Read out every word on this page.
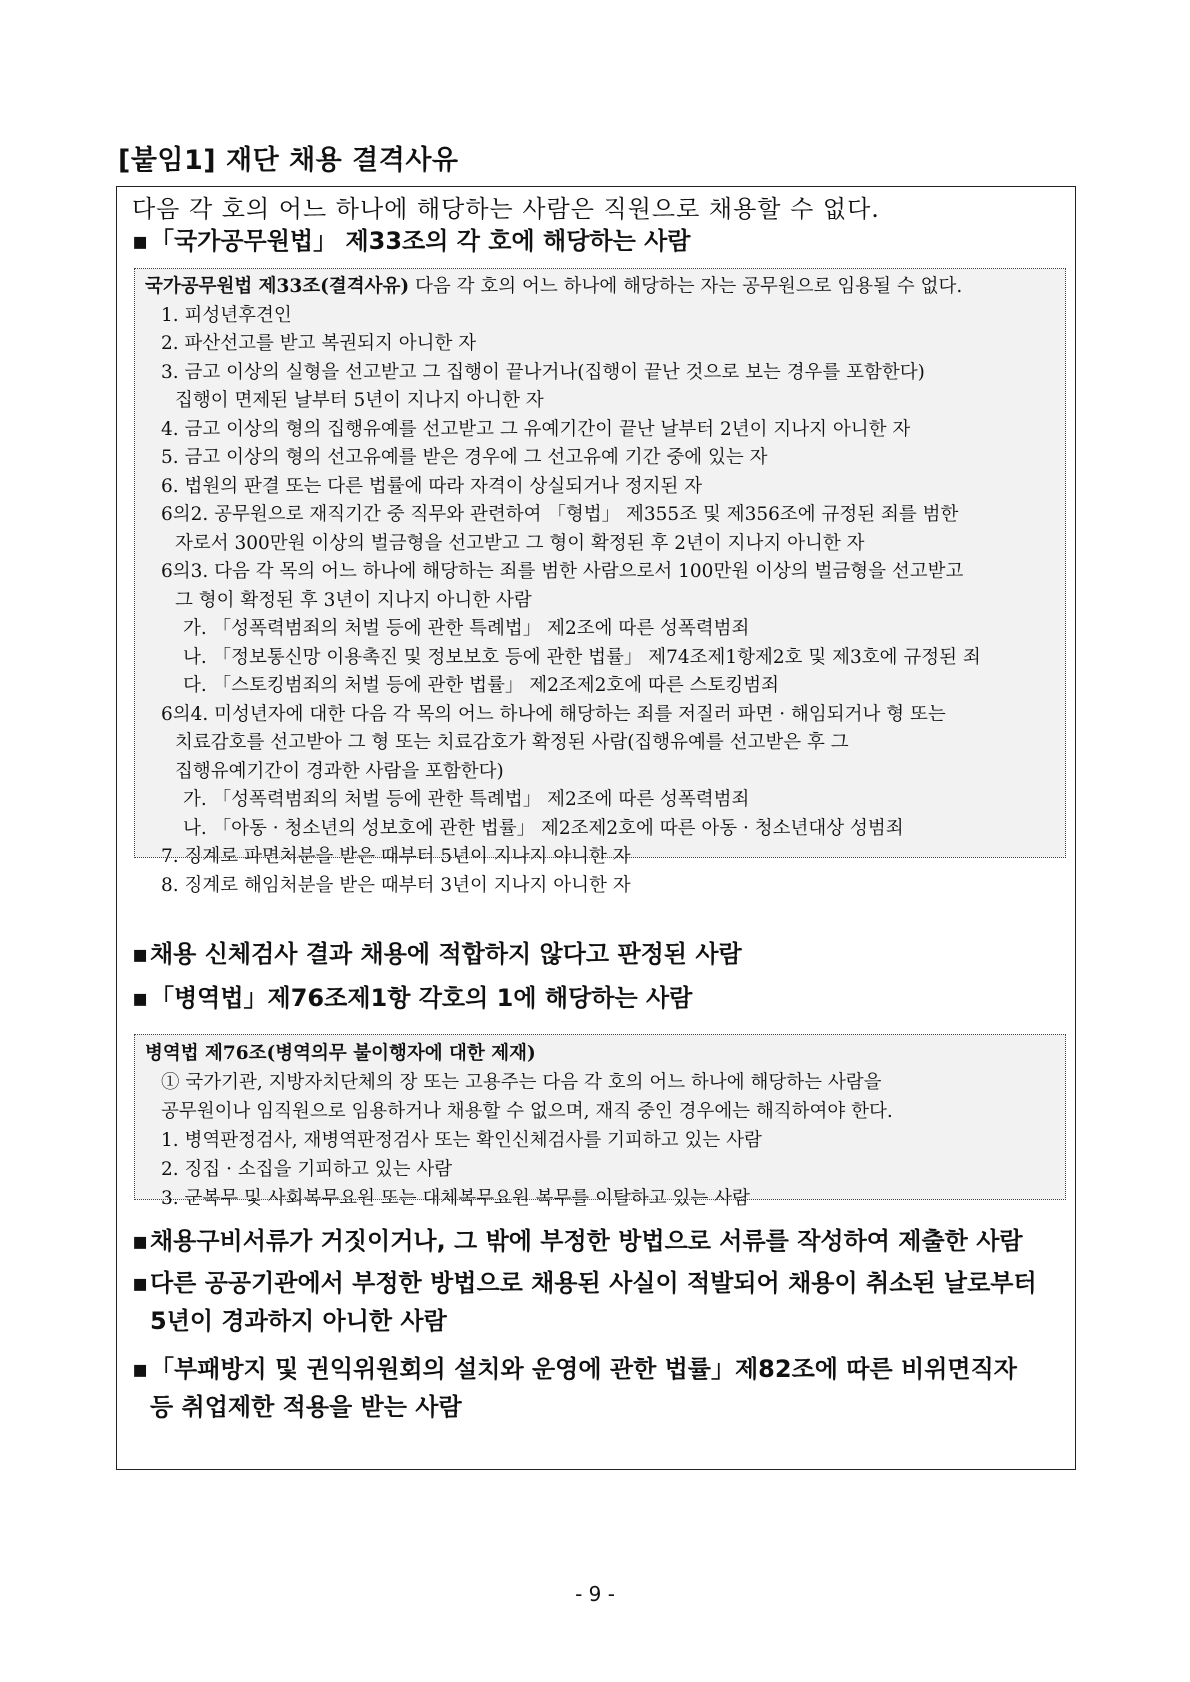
[붙임1] 재단 채용 결격사유
다음 각 호의 어느 하나에 해당하는 사람은 직원으로 채용할 수 없다.
▪「국가공무원법」 제33조의 각 호에 해당하는 사람
국가공무원법 제33조(결격사유) 다음 각 호의 어느 하나에 해당하는 자는 공무원으로 임용될 수 없다.
1. 피성년후견인
2. 파산선고를 받고 복권되지 아니한 자
3. 금고 이상의 실형을 선고받고 그 집행이 끝나거나(집행이 끝난 것으로 보는 경우를 포함한다)
집행이 면제된 날부터 5년이 지나지 아니한 자
4. 금고 이상의 형의 집행유예를 선고받고 그 유예기간이 끝난 날부터 2년이 지나지 아니한 자
5. 금고 이상의 형의 선고유예를 받은 경우에 그 선고유예 기간 중에 있는 자
6. 법원의 판결 또는 다른 법률에 따라 자격이 상실되거나 정지된 자
6의2. 공무원으로 재직기간 중 직무와 관련하여 「형법」 제355조 및 제356조에 규정된 죄를 범한
자로서 300만원 이상의 벌금형을 선고받고 그 형이 확정된 후 2년이 지나지 아니한 자
6의3. 다음 각 목의 어느 하나에 해당하는 죄를 범한 사람으로서 100만원 이상의 벌금형을 선고받고
그 형이 확정된 후 3년이 지나지 아니한 사람
가. 「성폭력범죄의 처벌 등에 관한 특례법」 제2조에 따른 성폭력범죄
나. 「정보통신망 이용촉진 및 정보보호 등에 관한 법률」 제74조제1항제2호 및 제3호에 규정된 죄
다. 「스토킹범죄의 처벌 등에 관한 법률」 제2조제2호에 따른 스토킹범죄
6의4. 미성년자에 대한 다음 각 목의 어느 하나에 해당하는 죄를 저질러 파면 · 해임되거나 형 또는
치료감호를 선고받아 그 형 또는 치료감호가 확정된 사람(집행유예를 선고받은 후 그
집행유예기간이 경과한 사람을 포함한다)
가. 「성폭력범죄의 처벌 등에 관한 특례법」 제2조에 따른 성폭력범죄
나. 「아동 · 청소년의 성보호에 관한 법률」 제2조제2호에 따른 아동 · 청소년대상 성범죄
7. 징계로 파면처분을 받은 때부터 5년이 지나지 아니한 자
8. 징계로 해임처분을 받은 때부터 3년이 지나지 아니한 자
▪채용 신체검사 결과 채용에 적합하지 않다고 판정된 사람
▪「병역법」제76조제1항 각호의 1에 해당하는 사람
병역법 제76조(병역의무 불이행자에 대한 제재)
① 국가기관, 지방자치단체의 장 또는 고용주는 다음 각 호의 어느 하나에 해당하는 사람을
공무원이나 임직원으로 임용하거나 채용할 수 없으며, 재직 중인 경우에는 해직하여야 한다.
1. 병역판정검사, 재병역판정검사 또는 확인신체검사를 기피하고 있는 사람
2. 징집 · 소집을 기피하고 있는 사람
3. 군복무 및 사회복무요원 또는 대체복무요원 복무를 이탈하고 있는 사람
▪채용구비서류가 거짓이거나, 그 밖에 부정한 방법으로 서류를 작성하여 제출한 사람
▪다른 공공기관에서 부정한 방법으로 채용된 사실이 적발되어 채용이 취소된 날로부터
5년이 경과하지 아니한 사람
▪「부패방지 및 권익위원회의 설치와 운영에 관한 법률」제82조에 따른 비위면직자
등 취업제한 적용을 받는 사람
- 9 -
